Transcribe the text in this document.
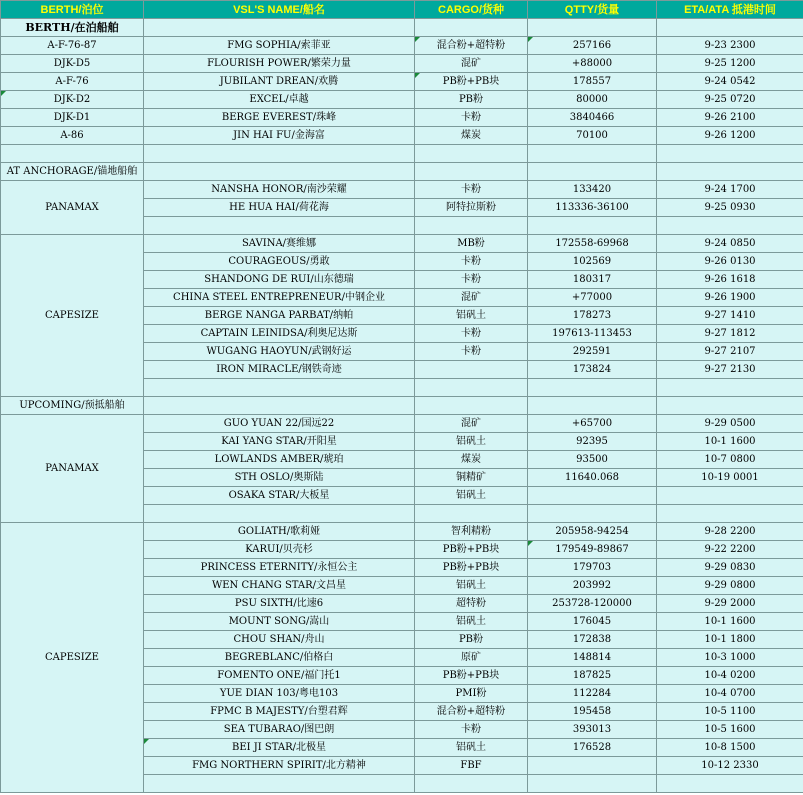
BERTH/泊位	VSL'S NAME/船名	CARGO/货种	QTTY/货量	ETA/ATA 抵港时间
BERTH/在泊船舶				
A-F-76-87	FMG SOPHIA/索菲亚	混合粉+超特粉	257166	9-23 2300
DJK-D5	FLOURISH POWER/繁荣力量	混矿	+88000	9-25 1200
A-F-76	JUBILANT DREAN/欢腾	PB粉+PB块	178557	9-24 0542
DJK-D2	EXCEL/卓越	PB粉	80000	9-25 0720
DJK-D1	BERGE EVEREST/珠峰	卡粉	3840466	9-26 2100
A-86	JIN HAI FU/金海富	煤炭	70100	9-26 1200

AT ANCHORAGE/锚地船舶				
PANAMAX	NANSHA HONOR/南沙荣耀	卡粉	133420	9-24 1700
	HE HUA HAI/荷花海	阿特拉斯粉	113336-36100	9-25 0930

CAPESIZE	SAVINA/赛维娜	MB粉	172558-69968	9-24 0850
	COURAGEOUS/勇敢	卡粉	102569	9-26 0130
	SHANDONG DE RUI/山东德瑞	卡粉	180317	9-26 1618
	CHINA STEEL ENTREPRENEUR/中钢企业	混矿	+77000	9-26 1900
	BERGE NANGA PARBAT/纳帕	铝矾土	178273	9-27 1410
	CAPTAIN LEINIDSA/利奥尼达斯	卡粉	197613-113453	9-27 1812
	WUGANG HAOYUN/武钢好运	卡粉	292591	9-27 2107
	IRON MIRACLE/钢铁奇迹		173824	9-27 2130

UPCOMING/预抵船舶				
PANAMAX	GUO YUAN 22/国远22	混矿	+65700	9-29 0500
	KAI YANG STAR/开阳星	铝矾土	92395	10-1 1600
	LOWLANDS AMBER/琥珀	煤炭	93500	10-7 0800
	STH OSLO/奥斯陆	铜精矿	11640.068	10-19 0001
	OSAKA STAR/大板星	铝矾土		

CAPESIZE	GOLIATH/歌莉娅	智利精粉	205958-94254	9-28 2200
	KARUI/贝壳杉	PB粉+PB块	179549-89867	9-22 2200
	PRINCESS ETERNITY/永恒公主	PB粉+PB块	179703	9-29 0830
	WEN CHANG STAR/文昌星	铝矾土	203992	9-29 0800
	PSU SIXTH/比速6	超特粉	253728-120000	9-29 2000
	MOUNT SONG/嵩山	铝矾土	176045	10-1 1600
	CHOU SHAN/舟山	PB粉	172838	10-1 1800
	BEGREBLANC/伯格白	原矿	148814	10-3 1000
	FOMENTO ONE/福门托1	PB粉+PB块	187825	10-4 0200
	YUE DIAN 103/粤电103	PMI粉	112284	10-4 0700
	FPMC B MAJESTY/台塑君辉	混合粉+超特粉	195458	10-5 1100
	SEA TUBARAO/图巴朗	卡粉	393013	10-5 1600
	BEI JI STAR/北极星	铝矾土	176528	10-8 1500
	FMG NORTHERN SPIRIT/北方精神	FBF		10-12 2330
